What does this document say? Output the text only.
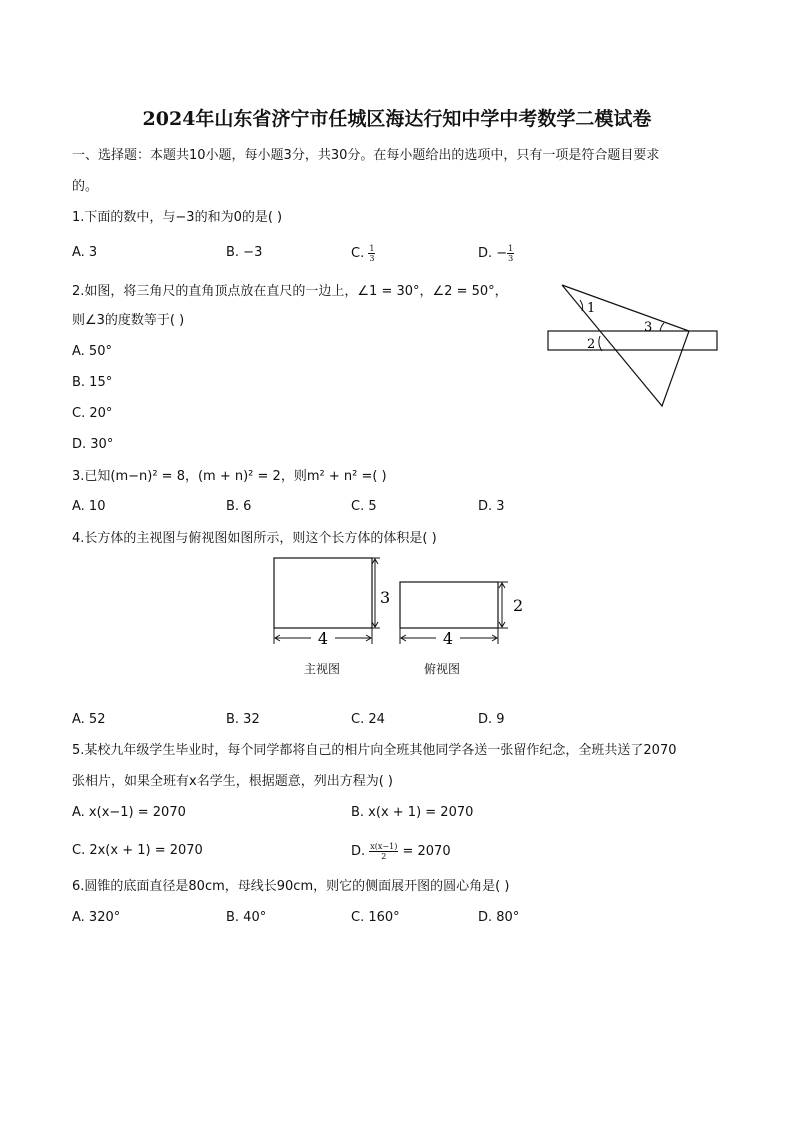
2024年山东省济宁市任城区海达行知中学中考数学二模试卷
一、选择题：本题共10小题，每小题3分，共30分。在每小题给出的选项中，只有一项是符合题目要求
的。
1.下面的数中，与−3的和为0的是( )
A. 3	B. −3	C. $\frac{1}{3}$	D. − $\frac{1}{3}$
2.如图，将三角尺的直角顶点放在直尺的一边上，∠1 = 30°，∠2 = 50°，
则∠3的度数等于( )
A. 50°
B. 15°
C. 20°
D. 30°
1
2
3
3.已知(m−n)² = 8，(m + n)² = 2，则m² + n² =( )
A. 10	B. 6	C. 5	D. 3
4.长方体的主视图与俯视图如图所示，则这个长方体的体积是( )
4
3
4
2
主视图	俯视图
A. 52	B. 32	C. 24	D. 9
5.某校九年级学生毕业时，每个同学都将自己的相片向全班其他同学各送一张留作纪念，全班共送了2070
张相片，如果全班有x名学生，根据题意，列出方程为( )
A. x(x−1) = 2070	B. x(x + 1) = 2070
C. 2x(x + 1) = 2070	D. $\frac{x(x-1)}{2} = 2070$
6.圆锥的底面直径是80cm，母线长90cm，则它的侧面展开图的圆心角是( )
A. 320°	B. 40°	C. 160°	D. 80°
